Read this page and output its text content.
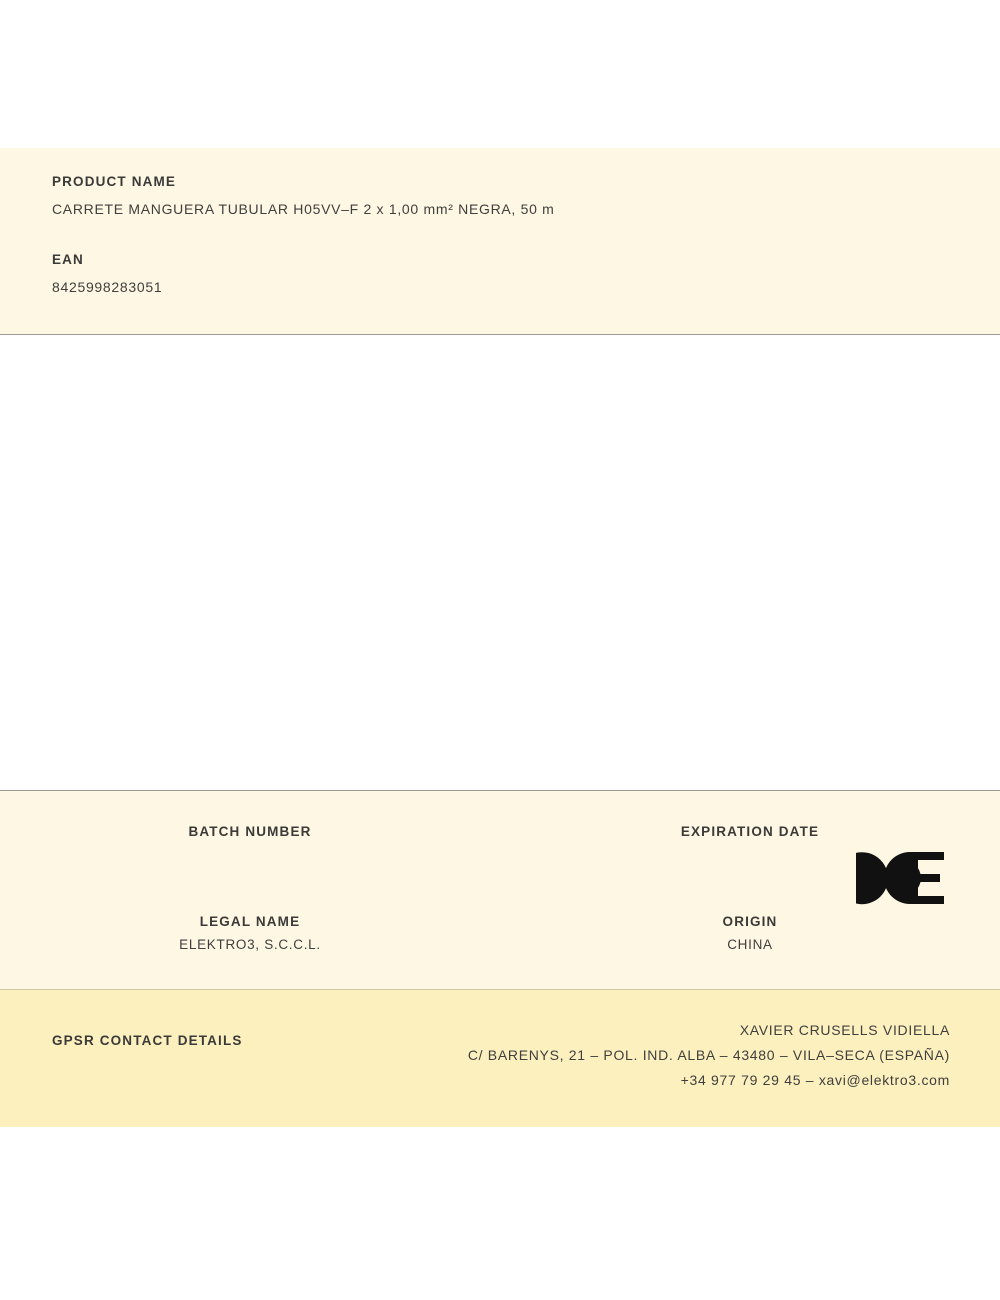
PRODUCT NAME

CARRETE MANGUERA TUBULAR H05VV–F 2 x 1,00 mm² NEGRA, 50 m

EAN

8425998283051

BATCH NUMBER	EXPIRATION DATE

LEGAL NAME

ELEKTRO3, S.C.C.L.

ORIGIN

CHINA

GPSR CONTACT DETAILS

XAVIER CRUSELLS VIDIELLA

C/ BARENYS, 21 – POL. IND. ALBA – 43480 – VILA–SECA (ESPAÑA)

+34 977 79 29 45 – xavi@elektro3.com
